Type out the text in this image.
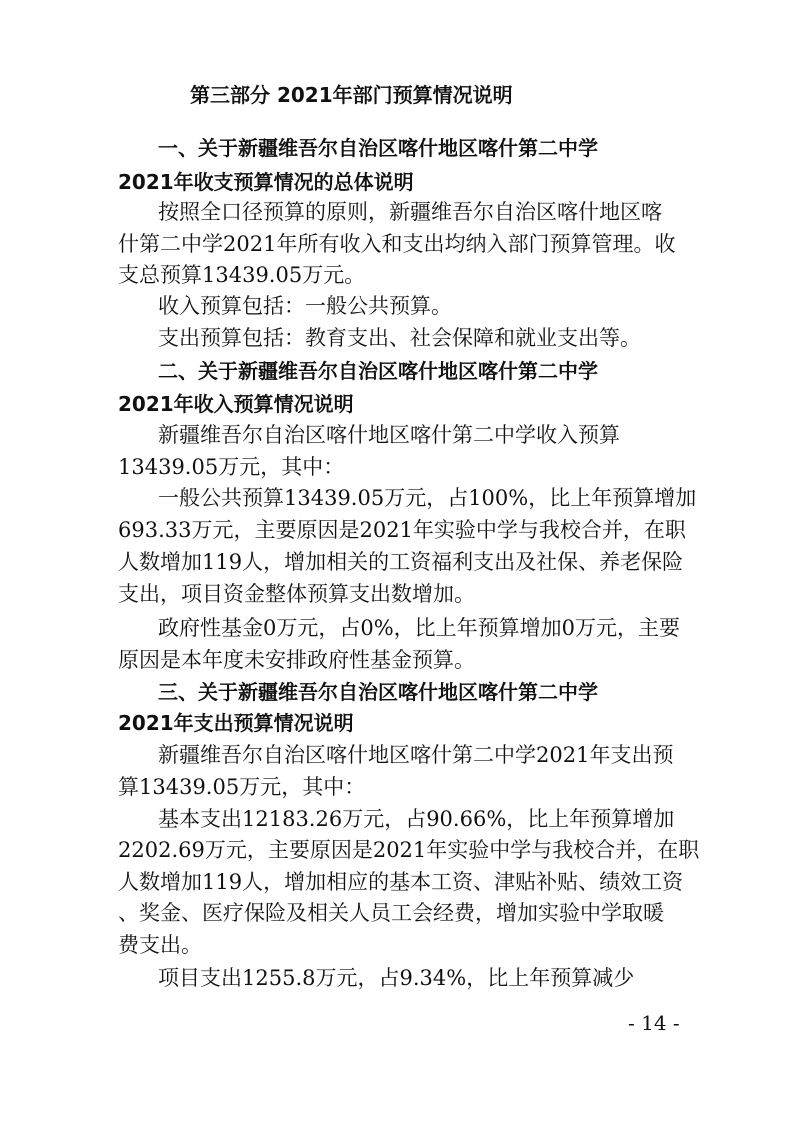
第三部分 2021年部门预算情况说明
一、关于新疆维吾尔自治区喀什地区喀什第二中学
2021年收支预算情况的总体说明
按照全口径预算的原则，新疆维吾尔自治区喀什地区喀
什第二中学2021年所有收入和支出均纳入部门预算管理。收
支总预算13439.05万元。
收入预算包括：一般公共预算。
支出预算包括：教育支出、社会保障和就业支出等。
二、关于新疆维吾尔自治区喀什地区喀什第二中学
2021年收入预算情况说明
新疆维吾尔自治区喀什地区喀什第二中学收入预算
13439.05万元，其中：
一般公共预算13439.05万元，占100%，比上年预算增加
693.33万元，主要原因是2021年实验中学与我校合并，在职
人数增加119人，增加相关的工资福利支出及社保、养老保险
支出，项目资金整体预算支出数增加。
政府性基金0万元，占0%，比上年预算增加0万元，主要
原因是本年度未安排政府性基金预算。
三、关于新疆维吾尔自治区喀什地区喀什第二中学
2021年支出预算情况说明
新疆维吾尔自治区喀什地区喀什第二中学2021年支出预
算13439.05万元，其中：
基本支出12183.26万元，占90.66%，比上年预算增加
2202.69万元，主要原因是2021年实验中学与我校合并，在职
人数增加119人，增加相应的基本工资、津贴补贴、绩效工资
、奖金、医疗保险及相关人员工会经费，增加实验中学取暖
费支出。
项目支出1255.8万元，占9.34%，比上年预算减少
- 14 -
